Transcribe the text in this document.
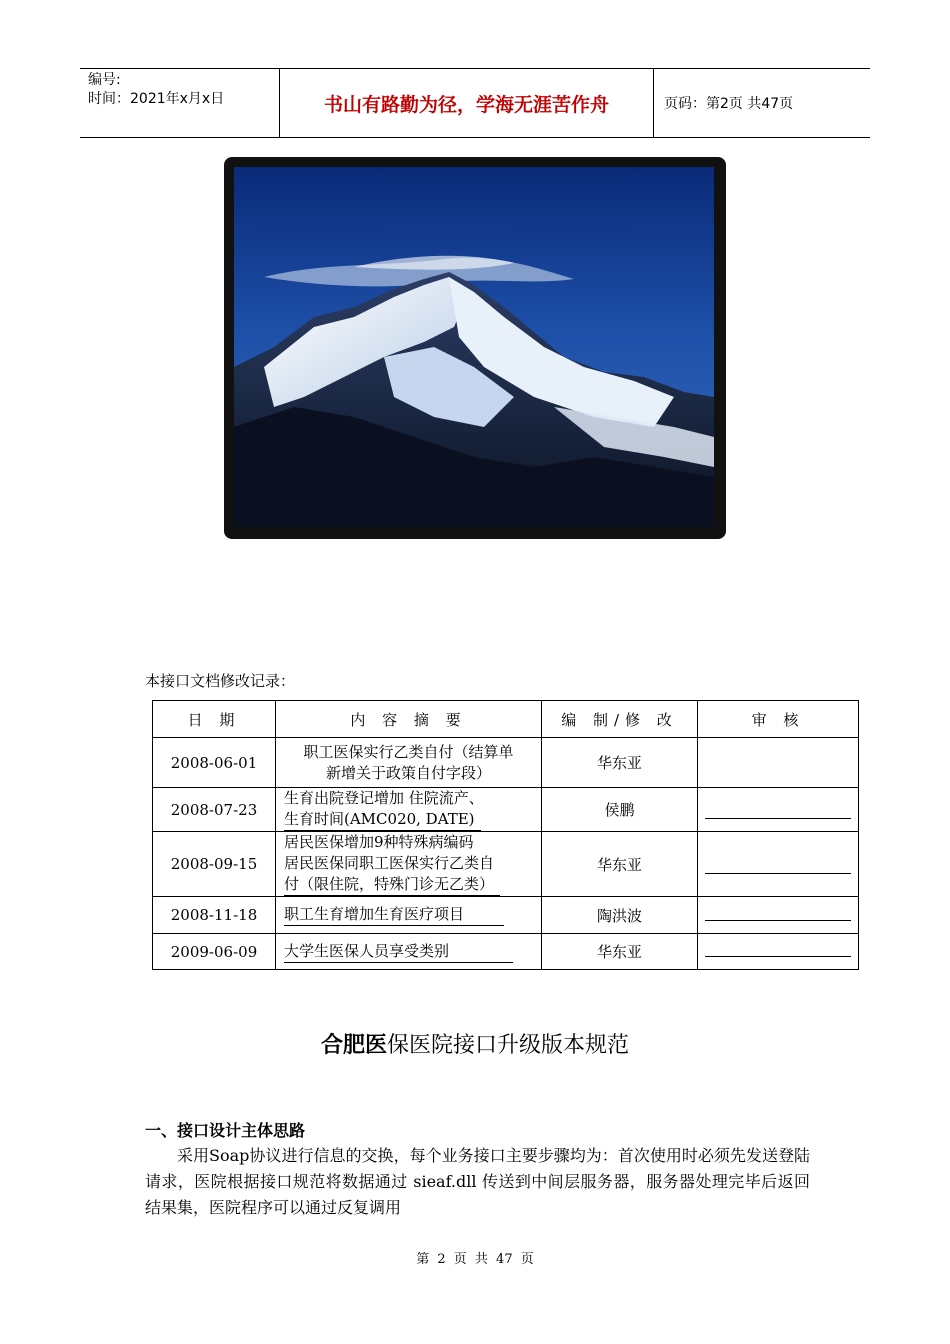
编号:
时间：2021年x月x日	书山有路勤为径，学海无涯苦作舟	页码：第2页 共47页
本接口文档修改记录：
日 期	内 容 摘 要	编 制/修 改	审 核
2008-06-01	职工医保实行乙类自付（结算单
新增关于政策自付字段）	华东亚	
2008-07-23	生育出院登记增加 住院流产、
生育时间(AMC020, DATE)	侯鹏	

2008-09-15	居民医保增加9种特殊病编码
居民医保同职工医保实行乙类自
付（限住院，特殊门诊无乙类）	华东亚	

2008-11-18	职工生育增加生育医疗项目	陶洪波	

2009-06-09	大学生医保人员享受类别	华东亚	
合肥医保医院接口升级版本规范
一、接口设计主体思路
采用Soap协议进行信息的交换，每个业务接口主要步骤均为：首次使用时必须先发送登陆请求，医院根据接口规范将数据通过 sieaf.dll 传送到中间层服务器，服务器处理完毕后返回结果集，医院程序可以通过反复调用
第 2 页 共 47 页
